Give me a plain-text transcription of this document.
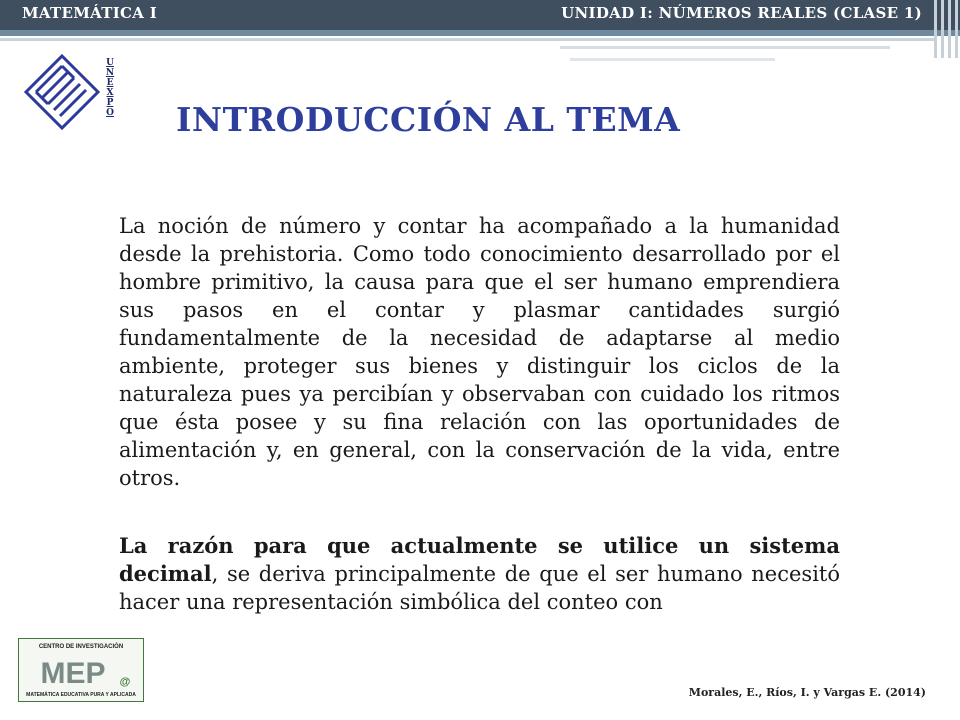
MATEMÁTICA I	UNIDAD I: NÚMEROS REALES (CLASE 1)
U
N
E
X
P
O INTRODUCCIÓN AL TEMA
La noción de número y contar ha acompañado a la humanidad desde la prehistoria. Como todo conocimiento desarrollado por el hombre primitivo, la causa para que el ser humano emprendiera sus pasos en el contar y plasmar cantidades surgió fundamentalmente de la necesidad de adaptarse al medio ambiente, proteger sus bienes y distinguir los ciclos de la naturaleza pues ya percibían y observaban con cuidado los ritmos que ésta posee y su fina relación con las oportunidades de alimentación y, en general, con la conservación de la vida, entre otros.
La razón para que actualmente se utilice un sistema decimal, se deriva principalmente de que el ser humano necesitó hacer una representación simbólica del conteo con
CENTRO DE INVESTIGACIÓN
MEP @
MATEMÁTICA EDUCATIVA PURA Y APLICADA	Morales, E., Ríos, I. y Vargas E. (2014)
